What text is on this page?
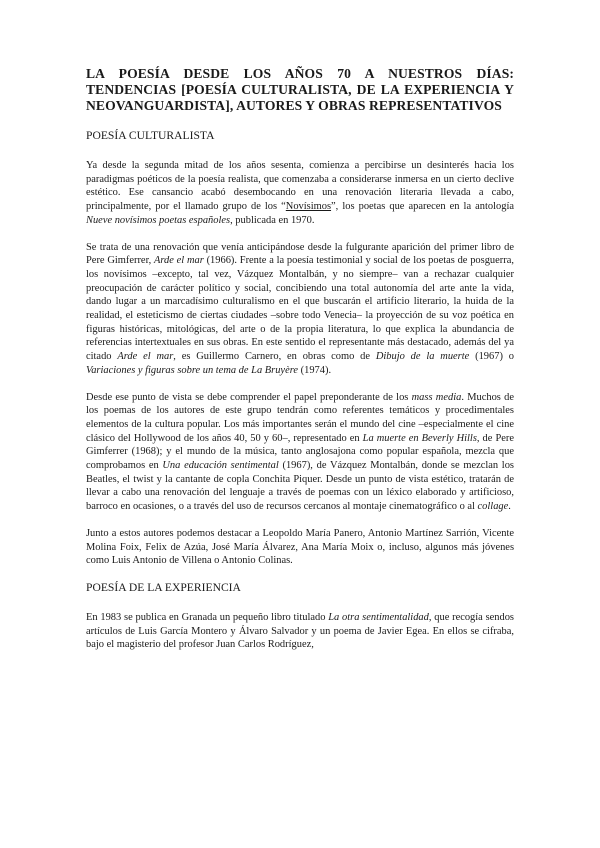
LA POESÍA DESDE LOS AÑOS 70 A NUESTROS DÍAS: TENDENCIAS [POESÍA CULTURALISTA, DE LA EXPERIENCIA Y NEOVANGUARDISTA], AUTORES Y OBRAS REPRESENTATIVOS
POESÍA CULTURALISTA

Ya desde la segunda mitad de los años sesenta, comienza a percibirse un desinterés hacia los paradigmas poéticos de la poesía realista, que comenzaba a considerarse inmersa en un cierto declive estético. Ese cansancio acabó desembocando en una renovación literaria llevada a cabo, principalmente, por el llamado grupo de los “Novísimos”, los poetas que aparecen en la antología Nueve novísimos poetas españoles, publicada en 1970.

Se trata de una renovación que venía anticipándose desde la fulgurante aparición del primer libro de Pere Gimferrer, Arde el mar (1966). Frente a la poesía testimonial y social de los poetas de posguerra, los novísimos –excepto, tal vez, Vázquez Montalbán, y no siempre– van a rechazar cualquier preocupación de carácter político y social, concibiendo una total autonomía del arte ante la vida, dando lugar a un marcadísimo culturalismo en el que buscarán el artificio literario, la huida de la realidad, el esteticismo de ciertas ciudades –sobre todo Venecia– la proyección de su voz poética en figuras históricas, mitológicas, del arte o de la propia literatura, lo que explica la abundancia de referencias intertextuales en sus obras. En este sentido el representante más destacado, además del ya citado Arde el mar, es Guillermo Carnero, en obras como de Dibujo de la muerte (1967) o Variaciones y figuras sobre un tema de La Bruyère (1974).

Desde ese punto de vista se debe comprender el papel preponderante de los mass media. Muchos de los poemas de los autores de este grupo tendrán como referentes temáticos y procedimentales elementos de la cultura popular. Los más importantes serán el mundo del cine –especialmente el cine clásico del Hollywood de los años 40, 50 y 60–, representado en La muerte en Beverly Hills, de Pere Gimferrer (1968); y el mundo de la música, tanto anglosajona como popular española, mezcla que comprobamos en Una educación sentimental (1967), de Vázquez Montalbán, donde se mezclan los Beatles, el twist y la cantante de copla Conchita Piquer. Desde un punto de vista estético, tratarán de llevar a cabo una renovación del lenguaje a través de poemas con un léxico elaborado y artificioso, barroco en ocasiones, o a través del uso de recursos cercanos al montaje cinematográfico o al collage.

Junto a estos autores podemos destacar a Leopoldo María Panero, Antonio Martínez Sarrión, Vicente Molina Foix, Felix de Azúa, José María Álvarez, Ana María Moix o, incluso, algunos más jóvenes como Luis Antonio de Villena o Antonio Colinas.

POESÍA DE LA EXPERIENCIA

En 1983 se publica en Granada un pequeño libro titulado La otra sentimentalidad, que recogía sendos artículos de Luis García Montero y Álvaro Salvador y un poema de Javier Egea. En ellos se cifraba, bajo el magisterio del profesor Juan Carlos Rodríguez,
